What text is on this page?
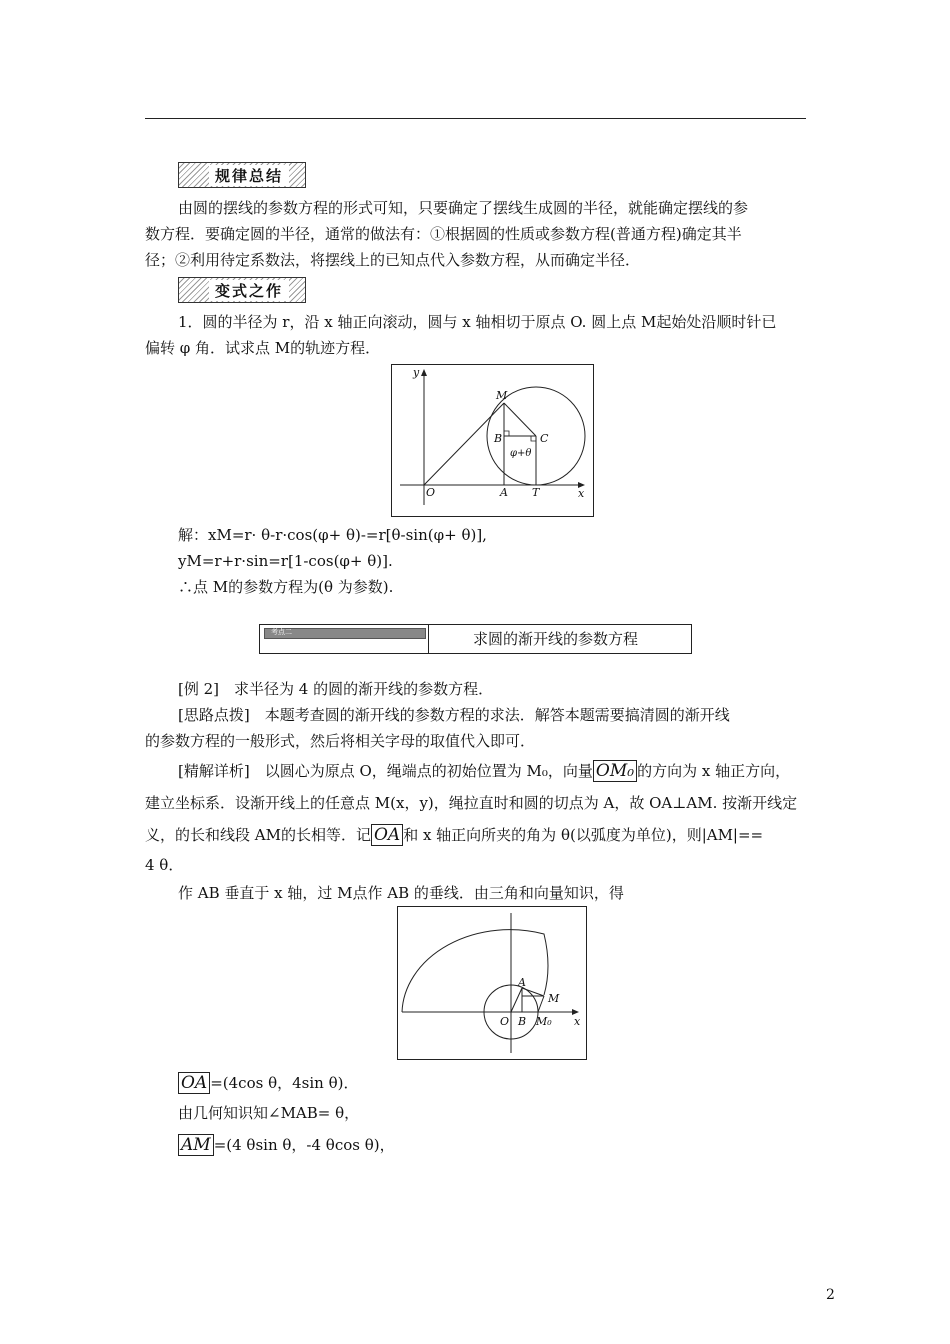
规律总结
由圆的摆线的参数方程的形式可知，只要确定了摆线生成圆的半径，就能确定摆线的参
数方程．要确定圆的半径，通常的做法有：①根据圆的性质或参数方程(普通方程)确定其半
径；②利用待定系数法，将摆线上的已知点代入参数方程，从而确定半径．
变式之作
1．圆的半径为 r，沿 x 轴正向滚动，圆与 x 轴相切于原点 O. 圆上点 M起始处沿顺时针已
偏转 φ 角．试求点 M的轨迹方程．
y
M
B	C
φ+θ
O	A T	x
解：xM=r· θ-r·cos(φ+ θ)-=r[θ-sin(φ+ θ)],
yM=r+r·sin=r[1-cos(φ+ θ)].
∴点 M的参数方程为(θ 为参数).
考点二	求圆的渐开线的参数方程
[例 2]　求半径为 4 的圆的渐开线的参数方程．
[思路点拨]　本题考查圆的渐开线的参数方程的求法．解答本题需要搞清圆的渐开线
的参数方程的一般形式，然后将相关字母的取值代入即可．
[精解详析]　以圆心为原点 O，绳端点的初始位置为 M₀，向量 OM₀ 的方向为 x 轴正方向，
建立坐标系．设渐开线上的任意点 M(x，y)，绳拉直时和圆的切点为 A，故 OA⊥AM. 按渐开线定
义，的长和线段 AM的长相等．记 OA 和 x 轴正向所夹的角为 θ(以弧度为单位)，则|AM|==
4 θ．
作 AB 垂直于 x 轴，过 M点作 AB 的垂线．由三角和向量知识，得
A
M
O B M₀ x
OA =(4cos θ，4sin θ)．
由几何知识知∠MAB= θ，
AM =(4 θsin θ，-4 θcos θ)，
2
